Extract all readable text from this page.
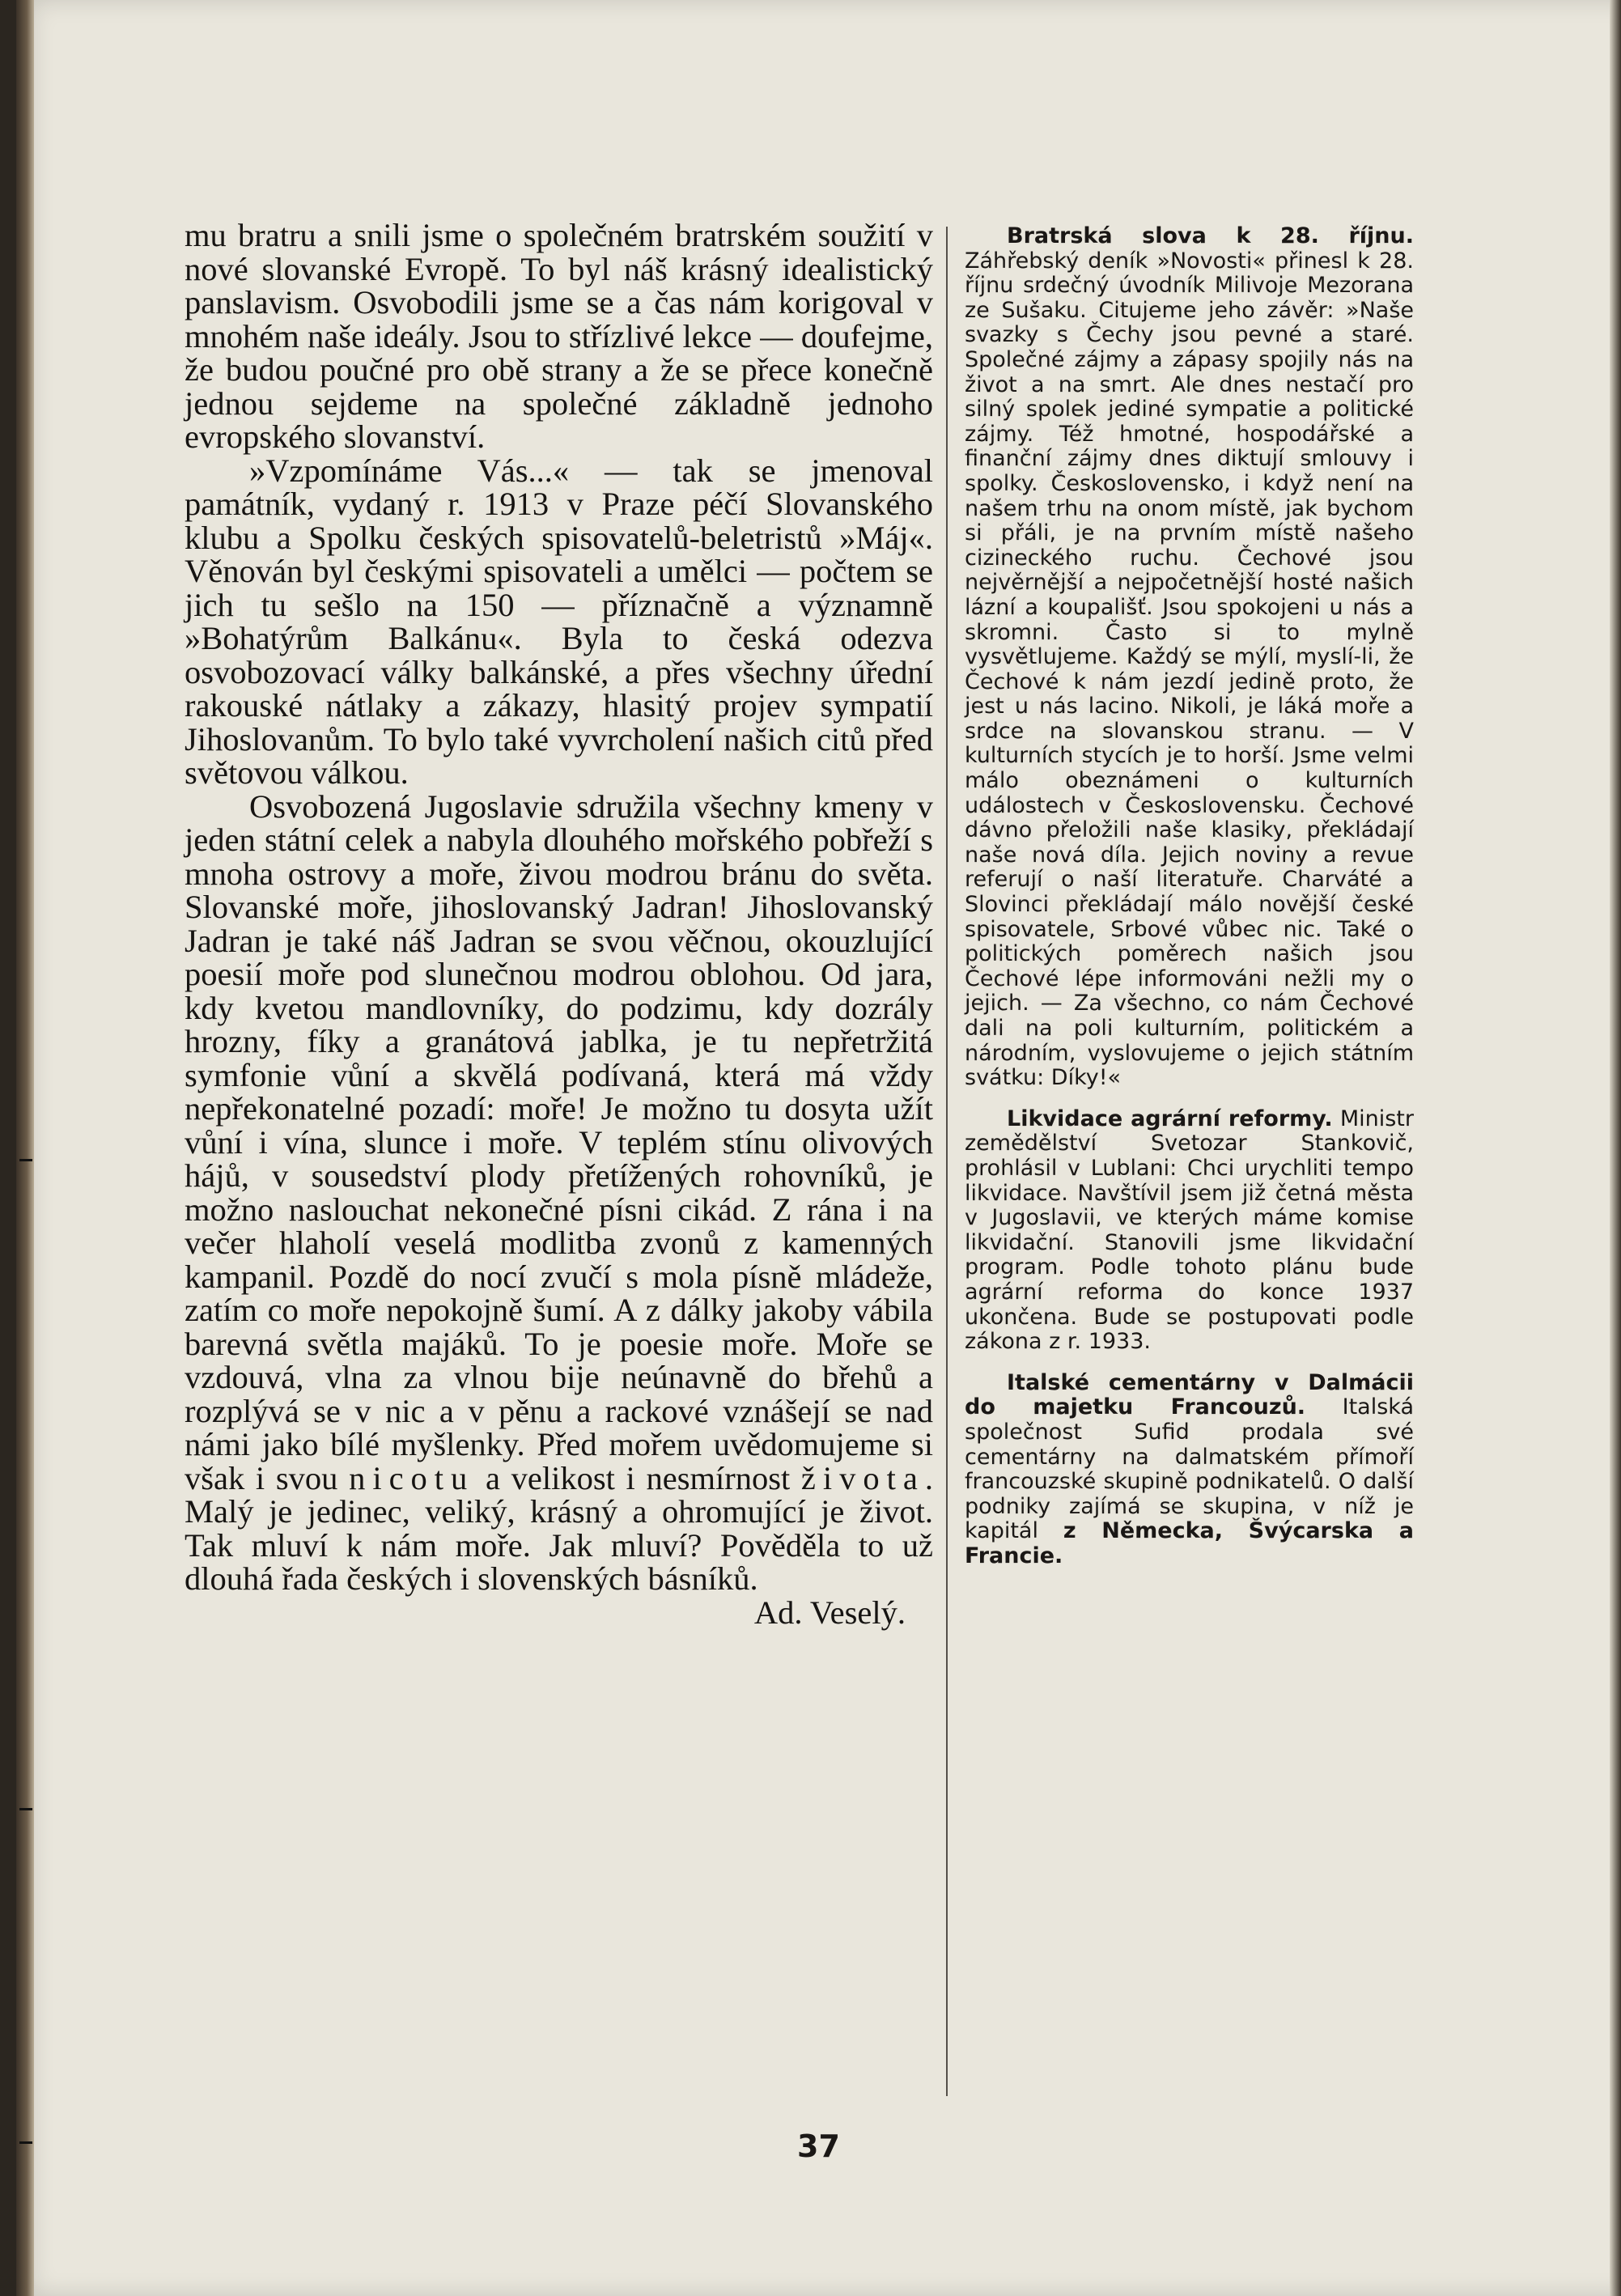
mu bratru a snili jsme o společném bratrském soužití v nové slovanské Evropě. To byl náš krásný idealistický panslavism. Osvobodili jsme se a čas nám korigoval v mnohém naše ideály. Jsou to střízlivé lekce — doufejme, že budou poučné pro obě strany a že se přece konečně jednou sejdeme na společné základně jednoho evropského slovanství.

»Vzpomínáme Vás...« — tak se jmenoval památník, vydaný r. 1913 v Praze péčí Slovanského klubu a Spolku českých spisovatelů-beletristů »Máj«. Věnován byl českými spisovateli a umělci — počtem se jich tu sešlo na 150 — příznačně a významně »Bohatýrům Balkánu«. Byla to česká odezva osvobozovací války balkánské, a přes všechny úřední rakouské nátlaky a zákazy, hlasitý projev sympatií Jihoslovanům. To bylo také vyvrcholení našich citů před světovou válkou.

Osvobozená Jugoslavie sdružila všechny kmeny v jeden státní celek a nabyla dlouhého mořského pobřeží s mnoha ostrovy a moře, živou modrou bránu do světa. Slovanské moře, jihoslovanský Jadran! Jihoslovanský Jadran je také náš Jadran se svou věčnou, okouzlující poesií moře pod slunečnou modrou oblohou. Od jara, kdy kvetou mandlovníky, do podzimu, kdy dozrály hrozny, fíky a granátová jablka, je tu nepřetržitá symfonie vůní a skvělá podívaná, která má vždy nepřekonatelné pozadí: moře! Je možno tu dosyta užít vůní i vína, slunce i moře. V teplém stínu olivových hájů, v sousedství plody přetížených rohovníků, je možno naslouchat nekonečné písni cikád. Z rána i na večer hlaholí veselá modlitba zvonů z kamenných kampanil. Pozdě do nocí zvučí s mola písně mládeže, zatím co moře nepokojně šumí. A z dálky jakoby vábila barevná světla majáků. To je poesie moře. Moře se vzdouvá, vlna za vlnou bije neúnavně do břehů a rozplývá se v nic a v pěnu a rackové vznášejí se nad námi jako bílé myšlenky. Před mořem uvědomujeme si však i svou nicotu a velikost i nesmírnost života. Malý je jedinec, veliký, krásný a ohromující je život. Tak mluví k nám moře. Jak mluví? Pověděla to už dlouhá řada českých i slovenských básníků.

Ad. Veselý.

Bratrská slova k 28. říjnu. Záhřebský deník »Novosti« přinesl k 28. říjnu srdečný úvodník Milivoje Mezorana ze Sušaku. Citujeme jeho závěr: »Naše svazky s Čechy jsou pevné a staré. Společné zájmy a zápasy spojily nás na život a na smrt. Ale dnes nestačí pro silný spolek jediné sympatie a politické zájmy. Též hmotné, hospodářské a finanční zájmy dnes diktují smlouvy i spolky. Československo, i když není na našem trhu na onom místě, jak bychom si přáli, je na prvním místě našeho cizineckého ruchu. Čechové jsou nejvěrnější a nejpočetnější hosté našich lázní a koupališť. Jsou spokojeni u nás a skromni. Často si to mylně vysvětlujeme. Každý se mýlí, myslí-li, že Čechové k nám jezdí jedině proto, že jest u nás lacino. Nikoli, je láká moře a srdce na slovanskou stranu. — V kulturních stycích je to horší. Jsme velmi málo obeznámeni o kulturních událostech v Československu. Čechové dávno přeložili naše klasiky, překládají naše nová díla. Jejich noviny a revue referují o naší literatuře. Charváté a Slovinci překládají málo novější české spisovatele, Srbové vůbec nic. Také o politických poměrech našich jsou Čechové lépe informováni nežli my o jejich. — Za všechno, co nám Čechové dali na poli kulturním, politickém a národním, vyslovujeme o jejich státním svátku: Díky!«

Likvidace agrární reformy. Ministr zemědělství Svetozar Stankovič, prohlásil v Lublani: Chci urychliti tempo likvidace. Navštívil jsem již četná města v Jugoslavii, ve kterých máme komise likvidační. Stanovili jsme likvidační program. Podle tohoto plánu bude agrární reforma do konce 1937 ukončena. Bude se postupovati podle zákona z r. 1933.

Italské cementárny v Dalmácii do majetku Francouzů. Italská společnost Sufid prodala své cementárny na dalmatském přímoří francouzské skupině podnikatelů. O další podniky zajímá se skupina, v níž je kapitál z Německa, Švýcarska a Francie.

37
